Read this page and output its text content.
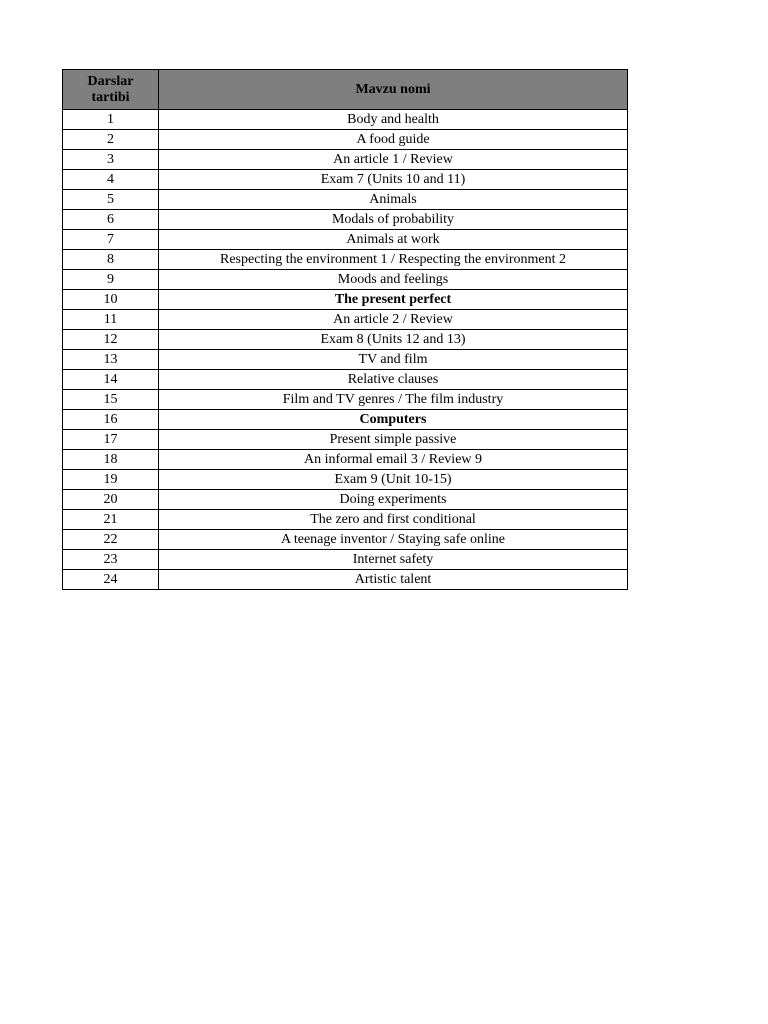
Darslar
tartibi	Mavzu nomi
1	Body and health
2	A food guide
3	An article 1 / Review
4	Exam 7 (Units 10 and 11)
5	Animals
6	Modals of probability
7	Animals at work
8	Respecting the environment 1 / Respecting the environment 2
9	Moods and feelings
10	The present perfect
11	An article 2 / Review
12	Exam 8 (Units 12 and 13)
13	TV and film
14	Relative clauses
15	Film and TV genres / The film industry
16	Computers
17	Present simple passive
18	An informal email 3 / Review 9
19	Exam 9 (Unit 10-15)
20	Doing experiments
21	The zero and first conditional
22	A teenage inventor / Staying safe online
23	Internet safety
24	Artistic talent
